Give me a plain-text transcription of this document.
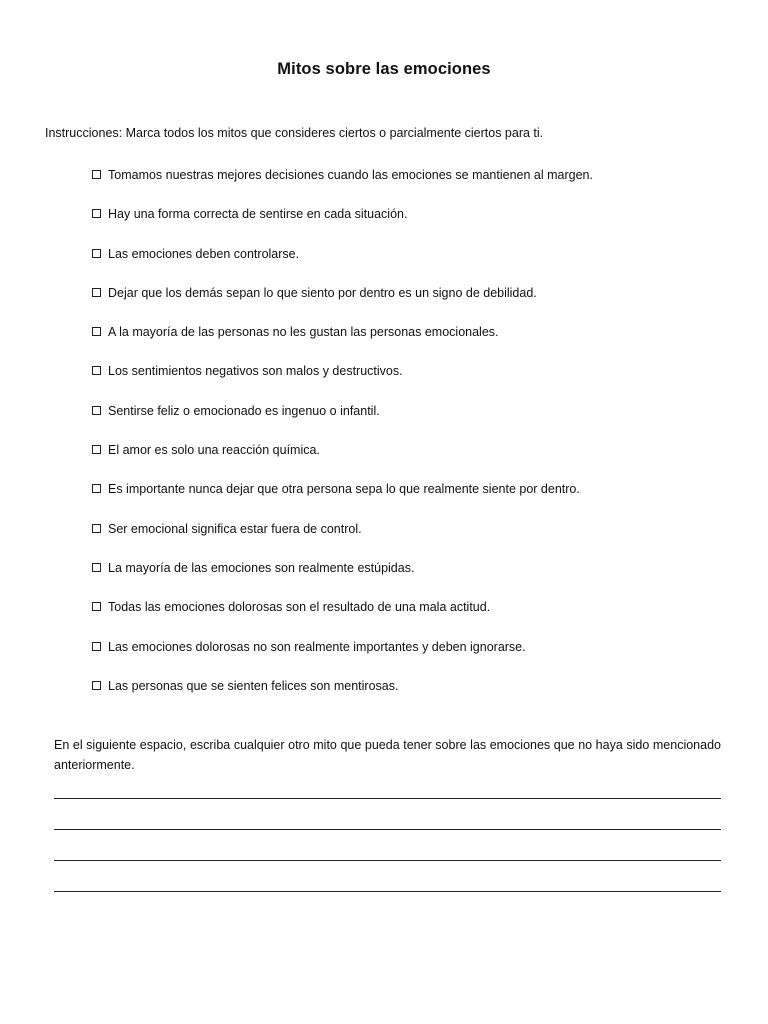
Mitos sobre las emociones
Instrucciones: Marca todos los mitos que consideres ciertos o parcialmente ciertos para ti.
Tomamos nuestras mejores decisiones cuando las emociones se mantienen al margen.
Hay una forma correcta de sentirse en cada situación.
Las emociones deben controlarse.
Dejar que los demás sepan lo que siento por dentro es un signo de debilidad.
A la mayoría de las personas no les gustan las personas emocionales.
Los sentimientos negativos son malos y destructivos.
Sentirse feliz o emocionado es ingenuo o infantil.
El amor es solo una reacción química.
Es importante nunca dejar que otra persona sepa lo que realmente siente por dentro.
Ser emocional significa estar fuera de control.
La mayoría de las emociones son realmente estúpidas.
Todas las emociones dolorosas son el resultado de una mala actitud.
Las emociones dolorosas no son realmente importantes y deben ignorarse.
Las personas que se sienten felices son mentirosas.
En el siguiente espacio, escriba cualquier otro mito que pueda tener sobre las emociones que no haya sido mencionado anteriormente.
